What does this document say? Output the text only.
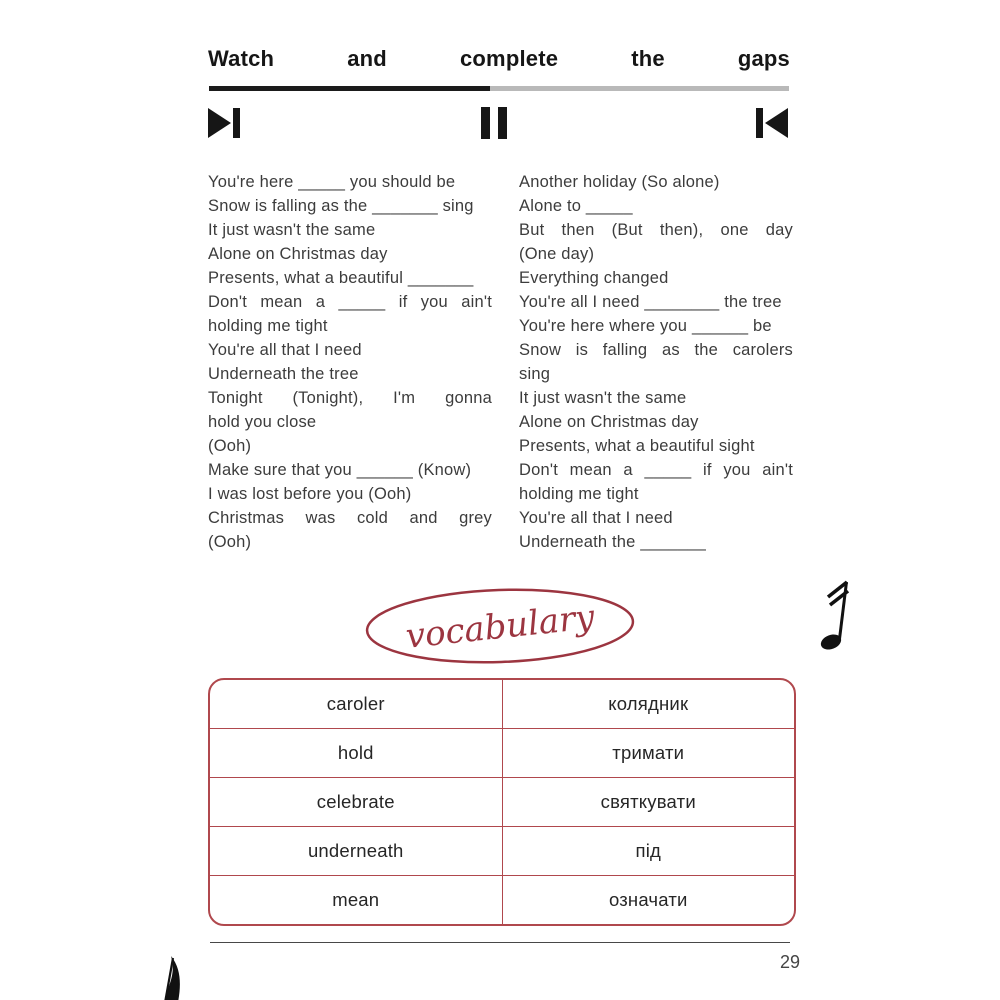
Watch and complete the gaps
You're here _____ you should be
Snow is falling as the _______ sing
It just wasn't the same
Alone on Christmas day
Presents, what a beautiful _______
Don't mean a _____ if you ain't
holding me tight
You're all that I need
Underneath the tree
Tonight (Tonight), I'm gonna
hold you close
(Ooh)
Make sure that you ______ (Know)
I was lost before you (Ooh)
Christmas was cold and grey
(Ooh)
Another holiday (So alone)
Alone to _____
But then (But then), one day
(One day)
Everything changed
You're all I need ________ the tree
You're here where you ______ be
Snow is falling as the carolers
sing
It just wasn't the same
Alone on Christmas day
Presents, what a beautiful sight
Don't mean a _____ if you ain't
holding me tight
You're all that I need
Underneath the _______
vocabulary
caroler	колядник
hold	тримати
celebrate	святкувати
underneath	під
mean	означати
29
